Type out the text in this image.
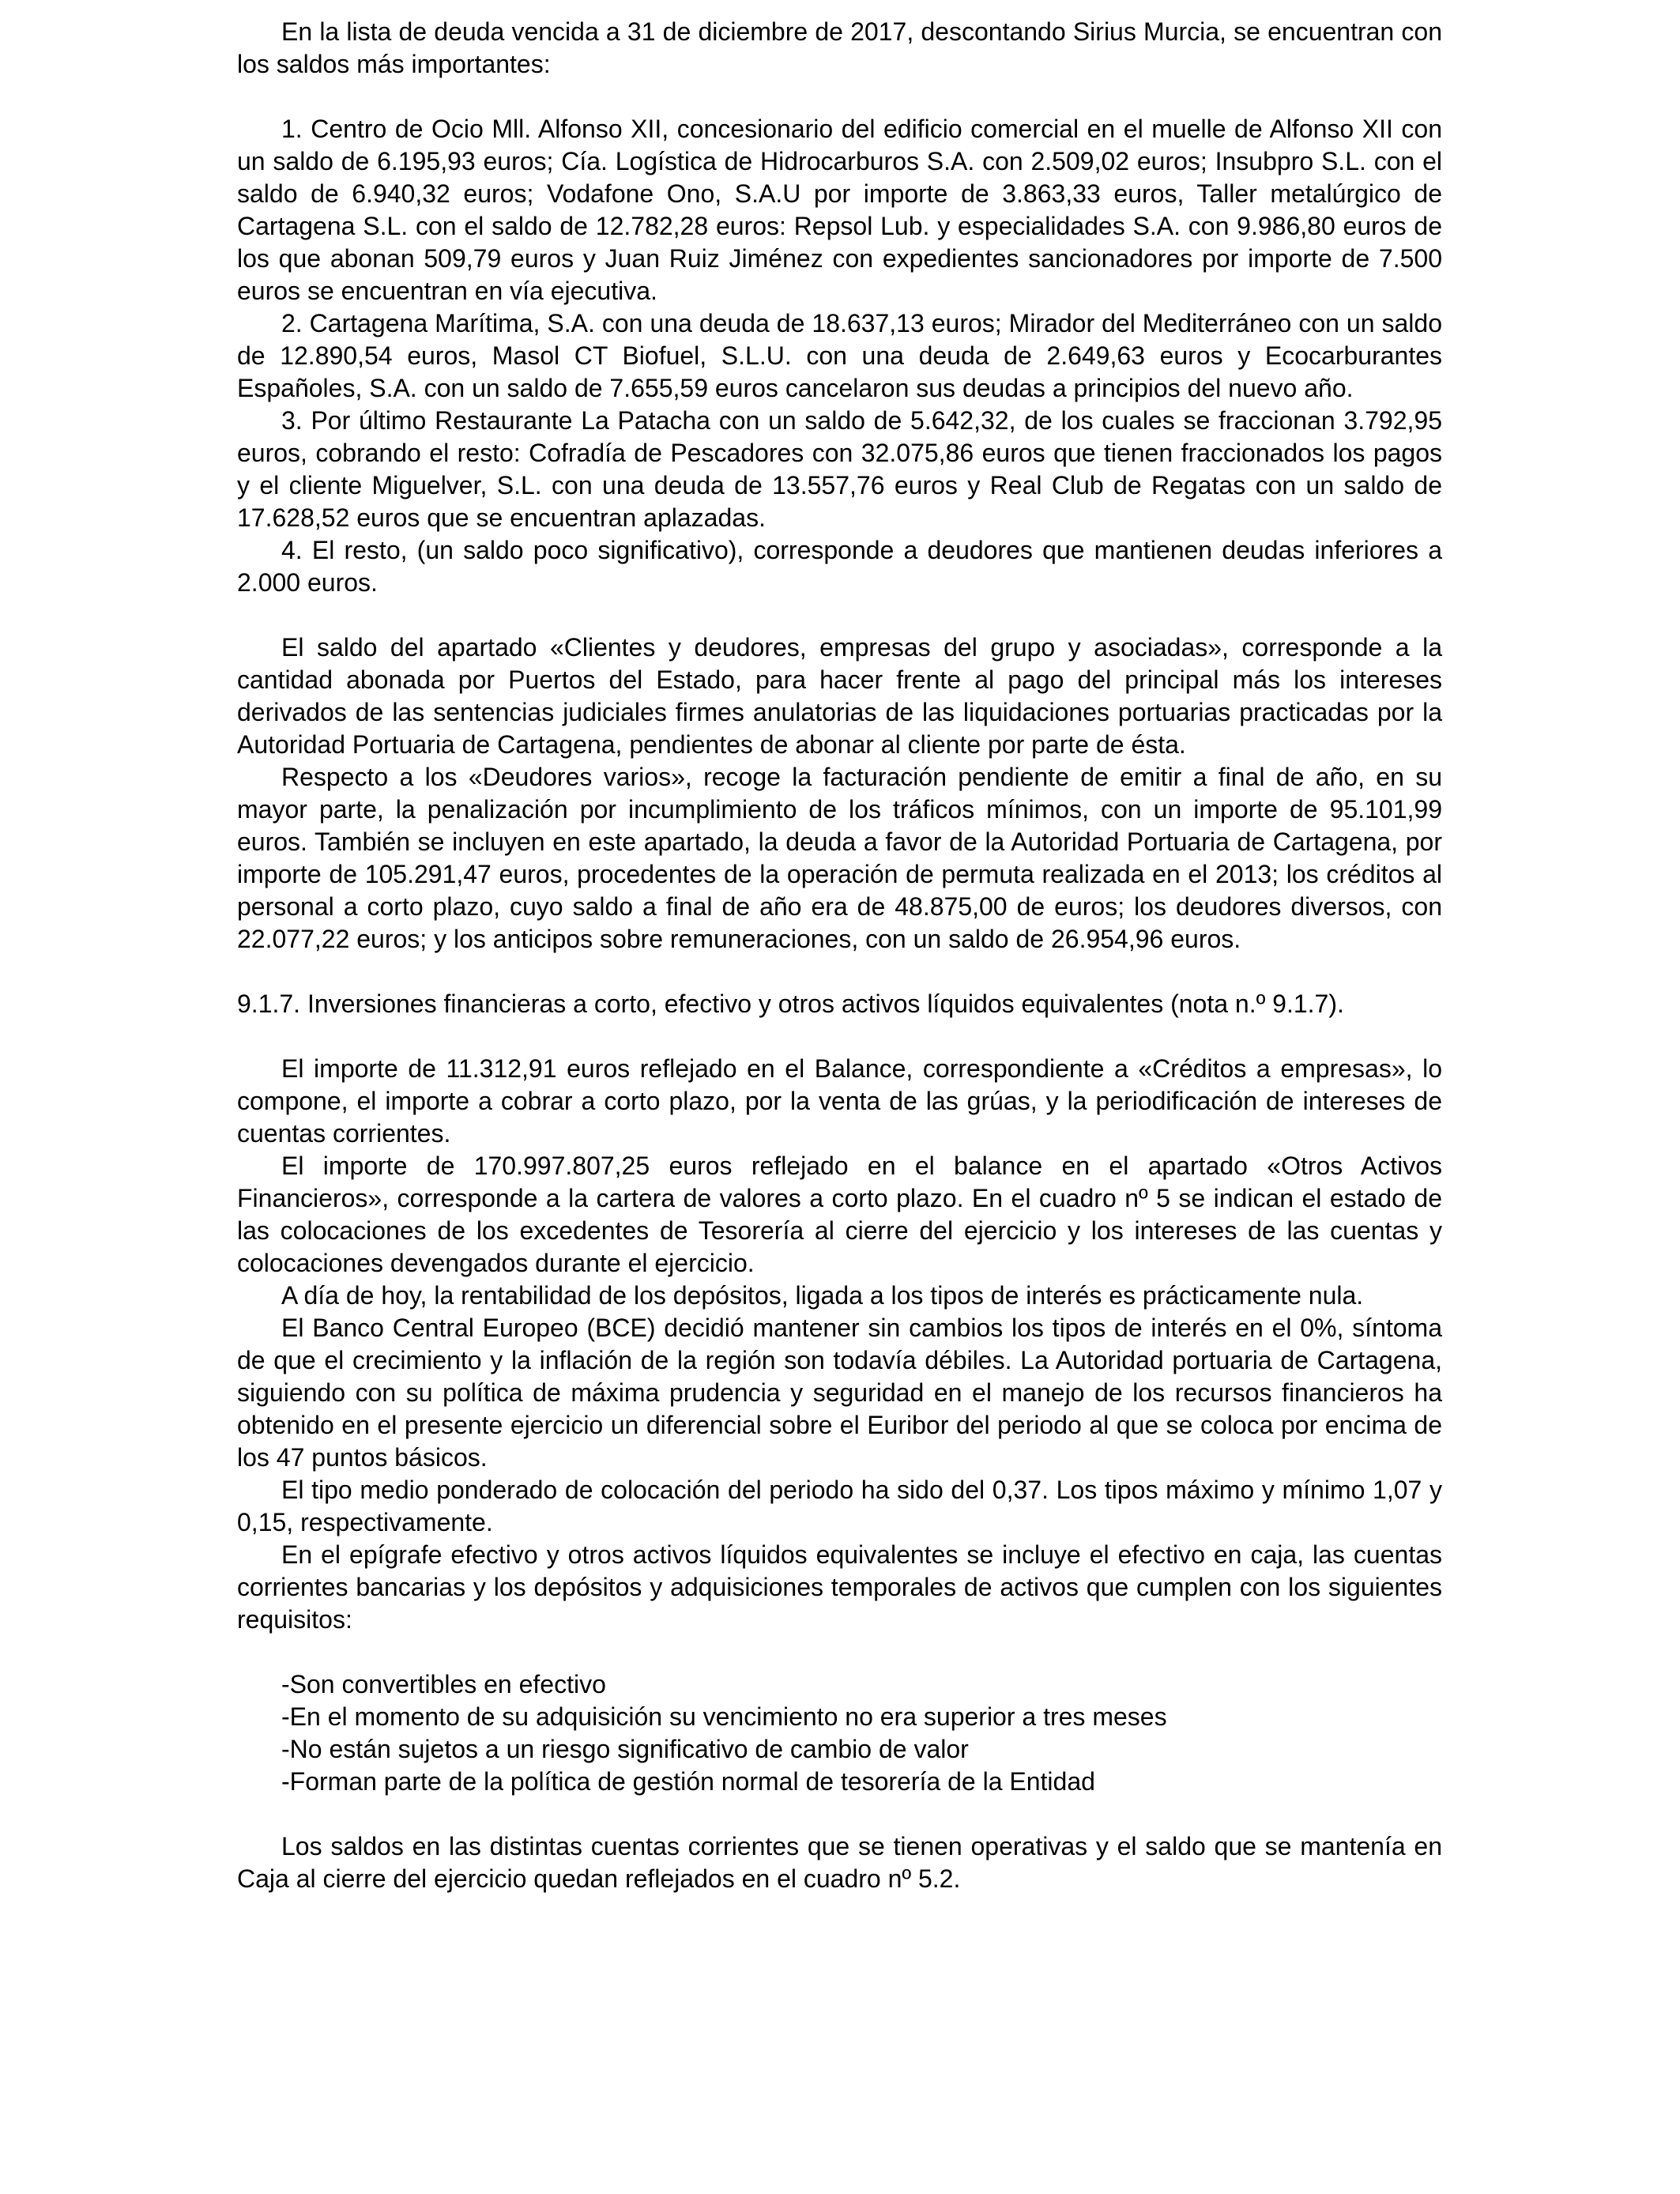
En la lista de deuda vencida a 31 de diciembre de 2017, descontando Sirius Murcia, se encuentran con los saldos más importantes:

1. Centro de Ocio Mll. Alfonso XII, concesionario del edificio comercial en el muelle de Alfonso XII con un saldo de 6.195,93 euros; Cía. Logística de Hidrocarburos S.A. con 2.509,02 euros; Insubpro S.L. con el saldo de 6.940,32 euros; Vodafone Ono, S.A.U por importe de 3.863,33 euros, Taller metalúrgico de Cartagena S.L. con el saldo de 12.782,28 euros: Repsol Lub. y especialidades S.A. con 9.986,80 euros de los que abonan 509,79 euros y Juan Ruiz Jiménez con expedientes sancionadores por importe de 7.500 euros se encuentran en vía ejecutiva.

2. Cartagena Marítima, S.A. con una deuda de 18.637,13 euros; Mirador del Mediterráneo con un saldo de 12.890,54 euros, Masol CT Biofuel, S.L.U. con una deuda de 2.649,63 euros y Ecocarburantes Españoles, S.A. con un saldo de 7.655,59 euros cancelaron sus deudas a principios del nuevo año.

3. Por último Restaurante La Patacha con un saldo de 5.642,32, de los cuales se fraccionan 3.792,95 euros, cobrando el resto: Cofradía de Pescadores con 32.075,86 euros que tienen fraccionados los pagos y el cliente Miguelver, S.L. con una deuda de 13.557,76 euros y Real Club de Regatas con un saldo de 17.628,52 euros que se encuentran aplazadas.

4. El resto, (un saldo poco significativo), corresponde a deudores que mantienen deudas inferiores a 2.000 euros.

El saldo del apartado «Clientes y deudores, empresas del grupo y asociadas», corresponde a la cantidad abonada por Puertos del Estado, para hacer frente al pago del principal más los intereses derivados de las sentencias judiciales firmes anulatorias de las liquidaciones portuarias practicadas por la Autoridad Portuaria de Cartagena, pendientes de abonar al cliente por parte de ésta.

Respecto a los «Deudores varios», recoge la facturación pendiente de emitir a final de año, en su mayor parte, la penalización por incumplimiento de los tráficos mínimos, con un importe de 95.101,99 euros. También se incluyen en este apartado, la deuda a favor de la Autoridad Portuaria de Cartagena, por importe de 105.291,47 euros, procedentes de la operación de permuta realizada en el 2013; los créditos al personal a corto plazo, cuyo saldo a final de año era de 48.875,00 de euros; los deudores diversos, con 22.077,22 euros; y los anticipos sobre remuneraciones, con un saldo de 26.954,96 euros.

9.1.7. Inversiones financieras a corto, efectivo y otros activos líquidos equivalentes (nota n.º 9.1.7).

El importe de 11.312,91 euros reflejado en el Balance, correspondiente a «Créditos a empresas», lo compone, el importe a cobrar a corto plazo, por la venta de las grúas, y la periodificación de intereses de cuentas corrientes.

El importe de 170.997.807,25 euros reflejado en el balance en el apartado «Otros Activos Financieros», corresponde a la cartera de valores a corto plazo. En el cuadro nº 5 se indican el estado de las colocaciones de los excedentes de Tesorería al cierre del ejercicio y los intereses de las cuentas y colocaciones devengados durante el ejercicio.

A día de hoy, la rentabilidad de los depósitos, ligada a los tipos de interés es prácticamente nula.

El Banco Central Europeo (BCE) decidió mantener sin cambios los tipos de interés en el 0%, síntoma de que el crecimiento y la inflación de la región son todavía débiles. La Autoridad portuaria de Cartagena, siguiendo con su política de máxima prudencia y seguridad en el manejo de los recursos financieros ha obtenido en el presente ejercicio un diferencial sobre el Euribor del periodo al que se coloca por encima de los 47 puntos básicos.

El tipo medio ponderado de colocación del periodo ha sido del 0,37. Los tipos máximo y mínimo 1,07 y 0,15, respectivamente.

En el epígrafe efectivo y otros activos líquidos equivalentes se incluye el efectivo en caja, las cuentas corrientes bancarias y los depósitos y adquisiciones temporales de activos que cumplen con los siguientes requisitos:

-Son convertibles en efectivo

-En el momento de su adquisición su vencimiento no era superior a tres meses

-No están sujetos a un riesgo significativo de cambio de valor

-Forman parte de la política de gestión normal de tesorería de la Entidad

Los saldos en las distintas cuentas corrientes que se tienen operativas y el saldo que se mantenía en Caja al cierre del ejercicio quedan reflejados en el cuadro nº 5.2.
